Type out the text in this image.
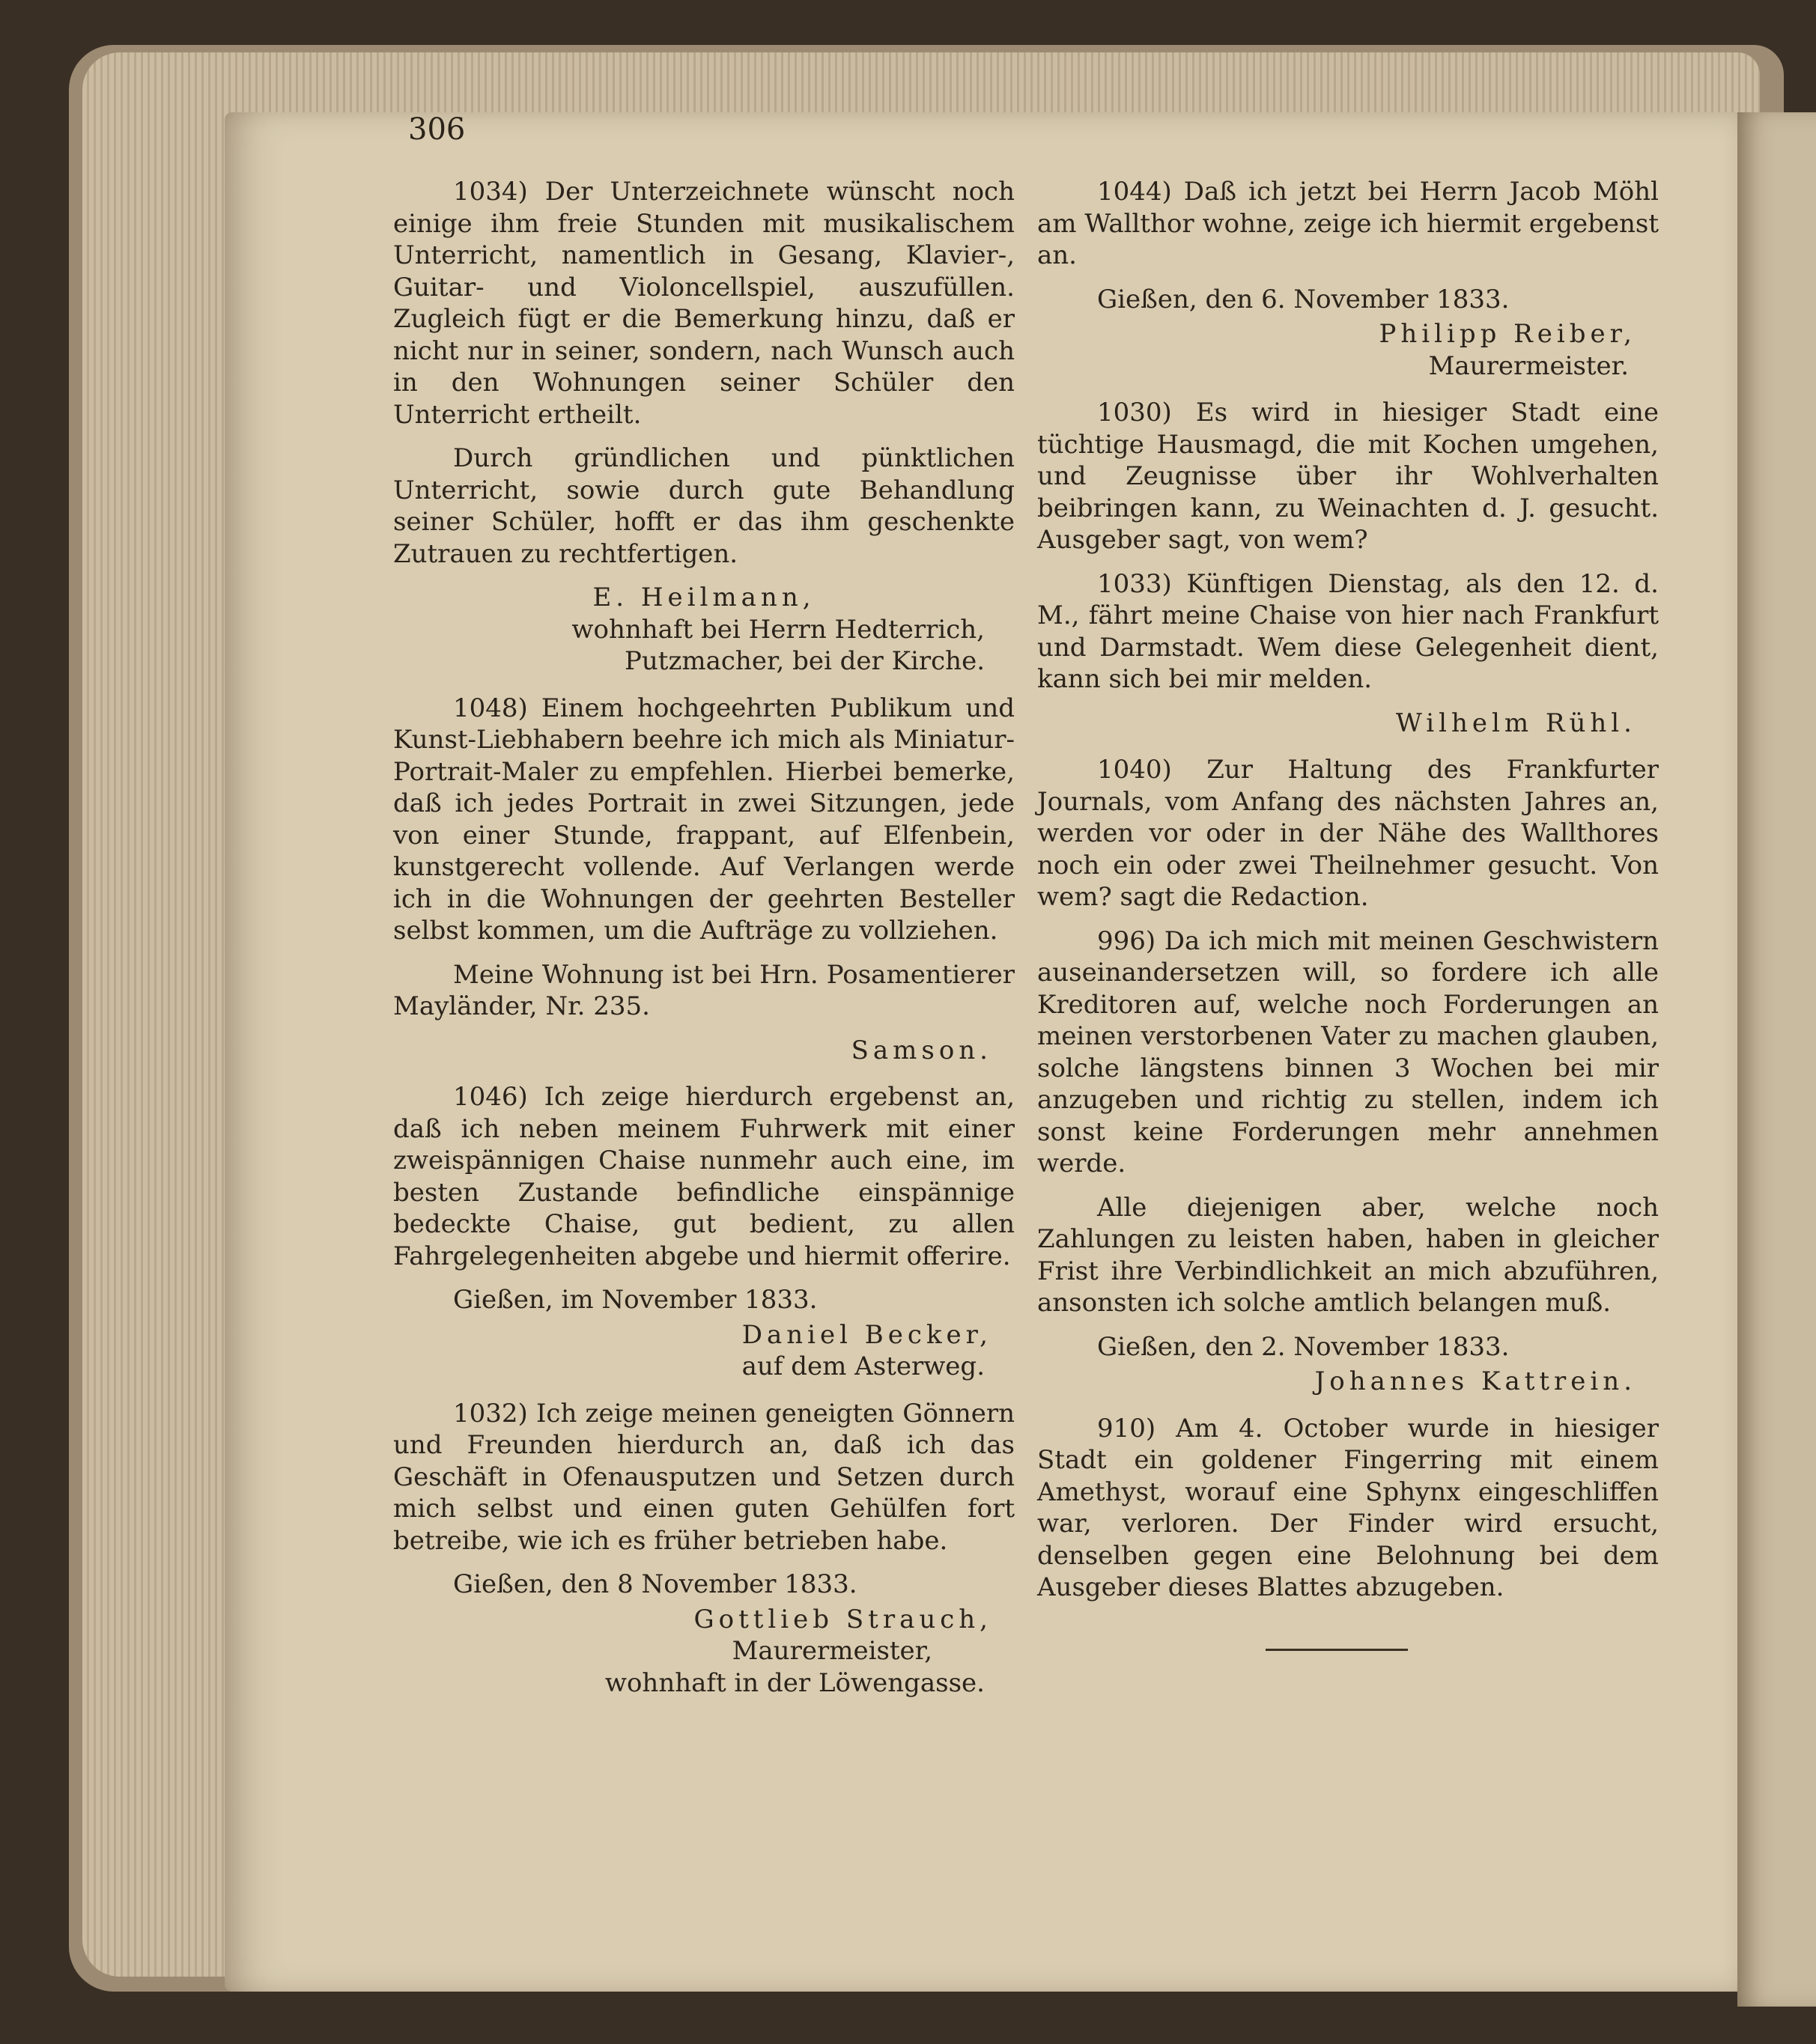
306

1034) Der Unterzeichnete wünscht noch einige ihm freie Stunden mit musikalischem Unterricht, namentlich in Gesang, Klavier-, Guitar- und Violoncellspiel, auszufüllen. Zugleich fügt er die Bemerkung hinzu, daß er nicht nur in seiner, sondern, nach Wunsch auch in den Wohnungen seiner Schüler den Unterricht ertheilt.

Durch gründlichen und pünktlichen Unterricht, sowie durch gute Behandlung seiner Schüler, hofft er das ihm geschenkte Zutrauen zu rechtfertigen.

E. Heilmann,
wohnhaft bei Herrn Hedterrich,
Putzmacher, bei der Kirche.

1048) Einem hochgeehrten Publikum und Kunst-Liebhabern beehre ich mich als Miniatur-Portrait-Maler zu empfehlen. Hierbei bemerke, daß ich jedes Portrait in zwei Sitzungen, jede von einer Stunde, frappant, auf Elfenbein, kunstgerecht vollende. Auf Verlangen werde ich in die Wohnungen der geehrten Besteller selbst kommen, um die Aufträge zu vollziehen.

Meine Wohnung ist bei Hrn. Posamentierer Mayländer, Nr. 235.

Samson.

1046) Ich zeige hierdurch ergebenst an, daß ich neben meinem Fuhrwerk mit einer zweispännigen Chaise nunmehr auch eine, im besten Zustande befindliche einspännige bedeckte Chaise, gut bedient, zu allen Fahrgelegenheiten abgebe und hiermit offerire.

Gießen, im November 1833.
Daniel Becker,
auf dem Asterweg.

1032) Ich zeige meinen geneigten Gönnern und Freunden hierdurch an, daß ich das Geschäft in Ofenausputzen und Setzen durch mich selbst und einen guten Gehülfen fort betreibe, wie ich es früher betrieben habe.

Gießen, den 8 November 1833.
Gottlieb Strauch,
Maurermeister,
wohnhaft in der Löwengasse.

1044) Daß ich jetzt bei Herrn Jacob Möhl am Wallthor wohne, zeige ich hiermit ergebenst an.

Gießen, den 6. November 1833.
Philipp Reiber,
Maurermeister.

1030) Es wird in hiesiger Stadt eine tüchtige Hausmagd, die mit Kochen umgehen, und Zeugnisse über ihr Wohlverhalten beibringen kann, zu Weinachten d. J. gesucht. Ausgeber sagt, von wem?

1033) Künftigen Dienstag, als den 12. d. M., fährt meine Chaise von hier nach Frankfurt und Darmstadt. Wem diese Gelegenheit dient, kann sich bei mir melden.

Wilhelm Rühl.

1040) Zur Haltung des Frankfurter Journals, vom Anfang des nächsten Jahres an, werden vor oder in der Nähe des Wallthores noch ein oder zwei Theilnehmer gesucht. Von wem? sagt die Redaction.

996) Da ich mich mit meinen Geschwistern auseinandersetzen will, so fordere ich alle Kreditoren auf, welche noch Forderungen an meinen verstorbenen Vater zu machen glauben, solche längstens binnen 3 Wochen bei mir anzugeben und richtig zu stellen, indem ich sonst keine Forderungen mehr annehmen werde.

Alle diejenigen aber, welche noch Zahlungen zu leisten haben, haben in gleicher Frist ihre Verbindlichkeit an mich abzuführen, ansonsten ich solche amtlich belangen muß.

Gießen, den 2. November 1833.
Johannes Kattrein.

910) Am 4. October wurde in hiesiger Stadt ein goldener Fingerring mit einem Amethyst, worauf eine Sphynx eingeschliffen war, verloren. Der Finder wird ersucht, denselben gegen eine Belohnung bei dem Ausgeber dieses Blattes abzugeben.
